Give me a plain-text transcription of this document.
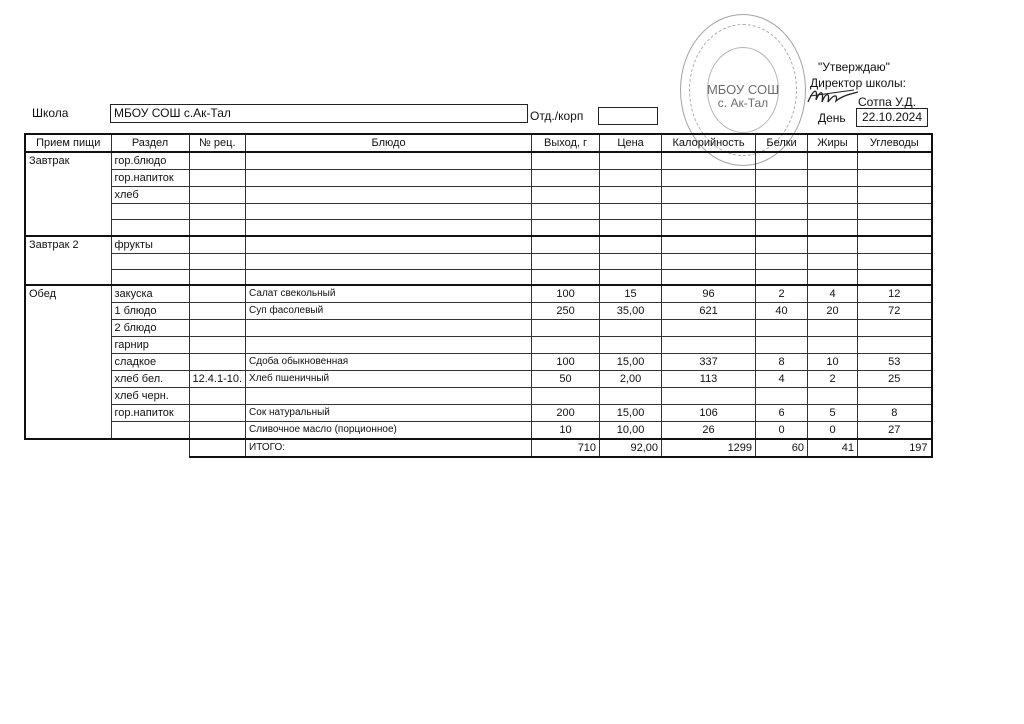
Школа	МБОУ СОШ с.Ак-Тал	Отд./корп
МБОУ СОШ
с. Ак-Тал
"Утверждаю"
Директор школы:
Сотпа У.Д.
День	22.10.2024
Прием пищи	Раздел	№ рец.	Блюдо	Выход, г	Цена	Калорийность	Белки	Жиры	Углеводы
Завтрак	гор.блюдо								
	гор.напиток								
	хлеб								

Завтрак 2	фрукты								

Обед	закуска		Салат свекольный	100	15	96	2	4	12
	1 блюдо		Суп фасолевый	250	35,00	621	40	20	72
	2 блюдо								
	гарнир								
	сладкое		Сдоба обыкновенная	100	15,00	337	8	10	53
	хлеб бел.	12.4.1-10.	Хлеб пшеничный	50	2,00	113	4	2	25
	хлеб черн.								
	гор.напиток		Сок натуральный	200	15,00	106	6	5	8
			Сливочное масло (порционное)	10	10,00	26	0	0	27
			ИТОГО:	710	92,00	1299	60	41	197
